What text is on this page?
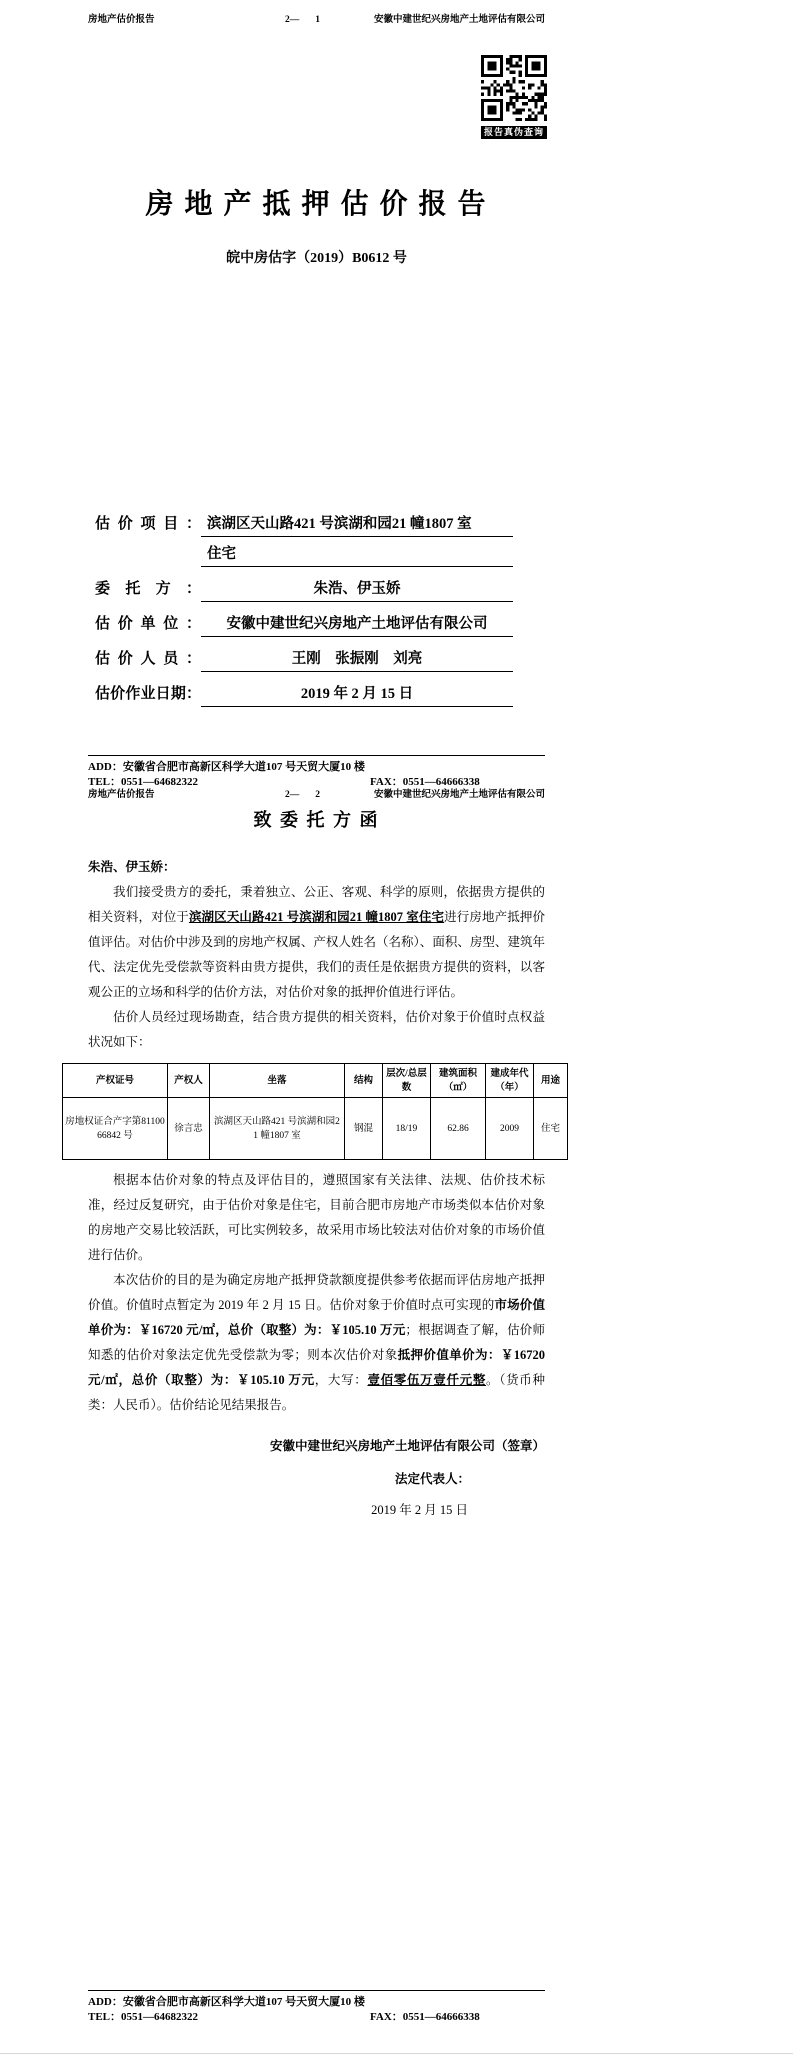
房地产估价报告	2— 1	安徽中建世纪兴房地产土地评估有限公司
报告真伪查询
房 地 产 抵 押 估 价 报 告
皖中房估字（2019）B0612 号
估价项目： 滨湖区天山路421 号滨湖和园21 幢1807 室
住宅
委托方：	朱浩、伊玉娇
估价单位：	安徽中建世纪兴房地产土地评估有限公司
估价人员：	王刚　张振刚　刘亮
估价作业日期：	2019 年 2 月 15 日
ADD：安徽省合肥市高新区科学大道107 号天贸大厦10 楼
TEL：0551—64682322	FAX：0551—64666338
房地产估价报告	2— 2	安徽中建世纪兴房地产土地评估有限公司
致 委 托 方 函
朱浩、伊玉娇：
我们接受贵方的委托，秉着独立、公正、客观、科学的原则，依据贵方提供的相关资料，对位于滨湖区天山路421 号滨湖和园21 幢1807 室住宅进行房地产抵押价值评估。对估价中涉及到的房地产权属、产权人姓名（名称）、面积、房型、建筑年代、法定优先受偿款等资料由贵方提供，我们的责任是依据贵方提供的资料，以客观公正的立场和科学的估价方法，对估价对象的抵押价值进行评估。
估价人员经过现场勘查，结合贵方提供的相关资料，估价对象于价值时点权益状况如下：
产权证号	产权人	坐落	结构	层次/总层数	建筑面积（㎡）	建成年代（年）	用途
房地权证合产字第8110066842 号	徐言忠	滨湖区天山路421 号滨湖和园21 幢1807 室	钢混	18/19	62.86	2009	住宅
根据本估价对象的特点及评估目的，遵照国家有关法律、法规、估价技术标准，经过反复研究，由于估价对象是住宅，目前合肥市房地产市场类似本估价对象的房地产交易比较活跃，可比实例较多，故采用市场比较法对估价对象的市场价值进行估价。
本次估价的目的是为确定房地产抵押贷款额度提供参考依据而评估房地产抵押价值。价值时点暂定为 2019 年 2 月 15 日。估价对象于价值时点可实现的市场价值单价为：￥16720 元/㎡，总价（取整）为：￥105.10 万元；根据调查了解，估价师知悉的估价对象法定优先受偿款为零；则本次估价对象抵押价值单价为：￥16720 元/㎡，总价（取整）为：￥105.10 万元，大写：壹佰零伍万壹仟元整。（货币种类：人民币）。估价结论见结果报告。
安徽中建世纪兴房地产土地评估有限公司（签章）
法定代表人：
2019 年 2 月 15 日
ADD：安徽省合肥市高新区科学大道107 号天贸大厦10 楼
TEL：0551—64682322	FAX：0551—64666338
